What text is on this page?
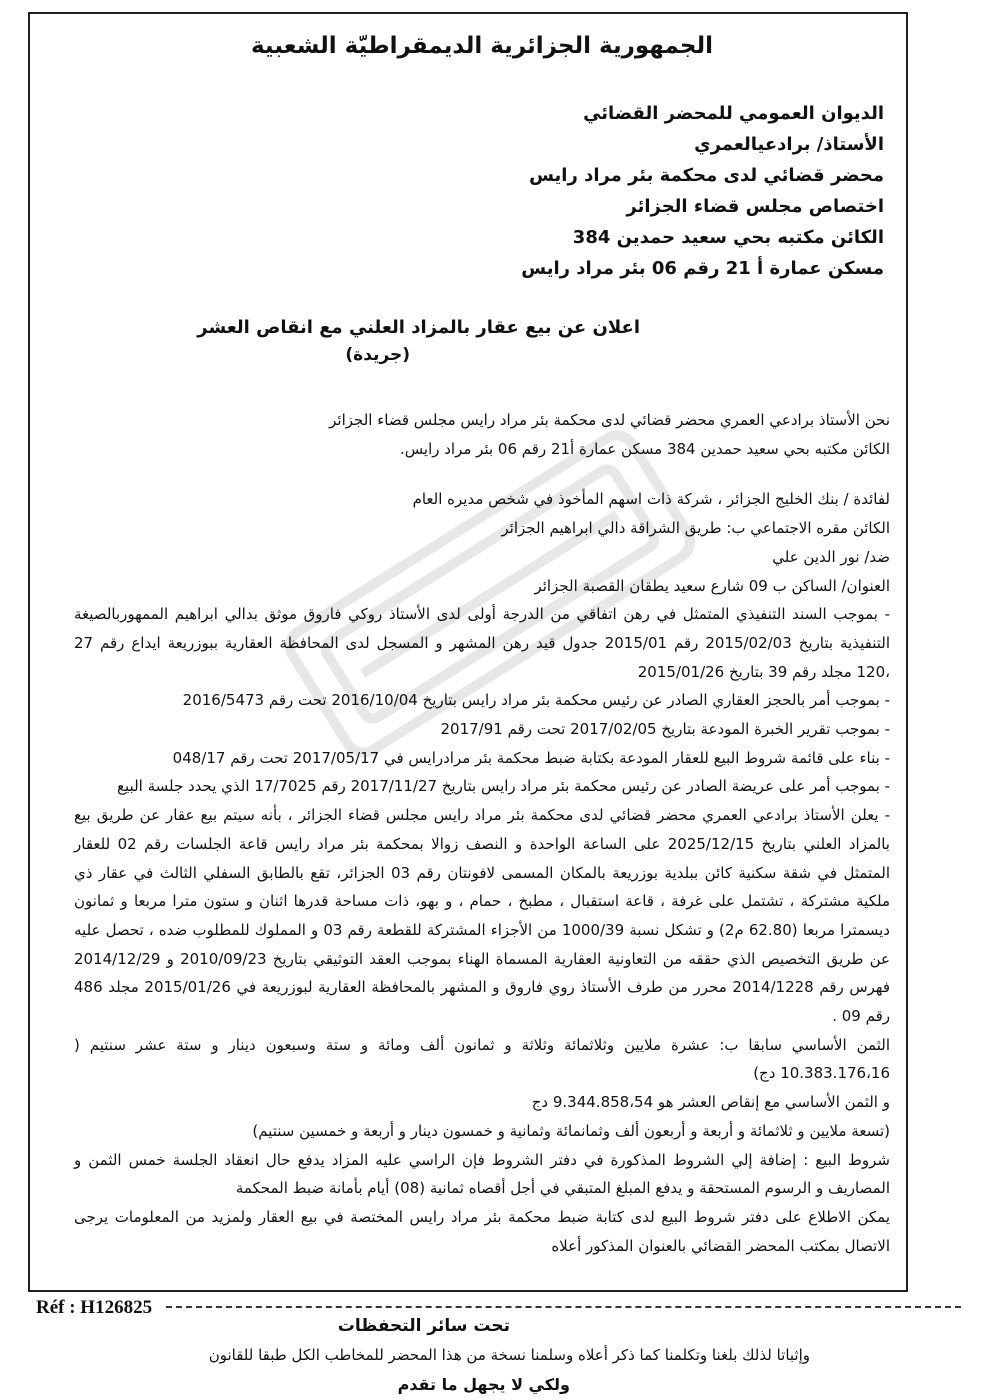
الجمهورية الجزائرية الديمقراطيّة الشعبية
الديوان العمومي للمحضر القضائي
الأستاذ/ برادعيالعمري
محضر قضائي لدى محكمة بئر مراد رايس
اختصاص مجلس قضاء الجزائر
الكائن مكتبه بحي سعيد حمدين 384
مسكن عمارة أ 21 رقم 06 بئر مراد رايس
اعلان عن بيع عقار بالمزاد العلني مع انقاص العشر
(جريدة)

نحن الأستاذ برادعي العمري محضر قضائي لدى محكمة بئر مراد رايس مجلس قضاء الجزائر

الكائن مكتبه بحي سعيد حمدين 384 مسكن عمارة أ21 رقم 06 بئر مراد رايس.

لفائدة / بنك الخليج الجزائر ، شركة ذات اسهم المأخوذ في شخص مديره العام

الكائن مقره الاجتماعي ب: طريق الشراقة دالي ابراهيم الجزائر

ضد/ نور الدين علي

العنوان/ الساكن ب 09 شارع سعيد يطقان القصبة الجزائر

- بموجب السند التنفيذي المتمثل في رهن اتفاقي من الدرجة أولى لدى الأستاذ روكي فاروق موثق بدالي ابراهيم الممهوربالصيغة التنفيذية بتاريخ 2015/02/03 رقم 2015/01 جدول قيد رهن المشهر و المسجل لدى المحافظة العقارية ببوزريعة ايداع رقم 27 ،120 مجلد رقم 39 بتاريخ 2015/01/26

- بموجب أمر بالحجز العقاري الصادر عن رئيس محكمة بئر مراد رايس بتاريخ 2016/10/04 تحت رقم 2016/5473

- بموجب تقرير الخبرة المودعة بتاريخ 2017/02/05 تحت رقم 2017/91

- بناء على قائمة شروط البيع للعقار المودعة بكتابة ضبط محكمة بئر مرادرايس في 2017/05/17 تحت رقم 048/17

- بموجب أمر على عريضة الصادر عن رئيس محكمة بئر مراد رايس بتاريخ 2017/11/27 رقم 17/7025 الذي يحدد جلسة البيع

- يعلن الأستاذ برادعي العمري محضر قضائي لدى محكمة بئر مراد رايس مجلس قضاء الجزائر ، بأنه سيتم بيع عقار عن طريق بيع بالمزاد العلني بتاريخ 2025/12/15 على الساعة الواحدة و النصف زوالا بمحكمة بئر مراد رايس قاعة الجلسات رقم 02 للعقار المتمثل في شقة سكنية كائن ببلدية بوزريعة بالمكان المسمى لافونتان رقم 03 الجزائر، تقع بالطابق السفلي الثالث في عقار ذي ملكية مشتركة ، تشتمل على غرفة ، قاعة استقبال ، مطبخ ، حمام ، و بهو، ذات مساحة قدرها اثنان و ستون مترا مربعا و ثمانون ديسمترا مربعا (62.80 م2) و تشكل نسبة 1000/39 من الأجزاء المشتركة للقطعة رقم 03 و المملوك للمطلوب ضده ، تحصل عليه عن طريق التخصيص الذي حققه من التعاونية العقارية المسماة الهناء بموجب العقد التوثيقي بتاريخ 2010/09/23 و 2014/12/29 فهرس رقم 2014/1228 محرر من طرف الأستاذ روي فاروق و المشهر بالمحافظة العقارية لبوزريعة في 2015/01/26 مجلد 486 رقم 09 .

الثمن الأساسي سابقا ب: عشرة ملايين وثلاثمائة وثلاثة و ثمانون ألف ومائة و ستة وسبعون دينار و ستة عشر سنتيم ( 10.383.176،16 دج)

و الثمن الأساسي مع إنقاص العشر هو 9.344.858،54 دج

(تسعة ملايين و ثلاثمائة و أربعة و أربعون ألف وثمانمائة وثمانية و خمسون دينار و أربعة و خمسين سنتيم)

شروط البيع : إضافة إلي الشروط المذكورة في دفتر الشروط فإن الراسي عليه المزاد يدفع حال انعقاد الجلسة خمس الثمن و المصاريف و الرسوم المستحقة و يدفع المبلغ المتبقي في أجل أقصاه ثمانية (08) أيام بأمانة ضبط المحكمة

يمكن الاطلاع على دفتر شروط البيع لدى كتابة ضبط محكمة بئر مراد رايس المختصة في بيع العقار ولمزيد من المعلومات يرجى الاتصال بمكتب المحضر القضائي بالعنوان المذكور أعلاه

تحت سائر التحفظات
وإثباتا لذلك بلغنا وتكلمنا كما ذكر أعلاه وسلمنا نسخة من هذا المحضر للمخاطب الكل طبقا للقانون
ولكي لا يجهل ما تقدم
Réf : H126825
